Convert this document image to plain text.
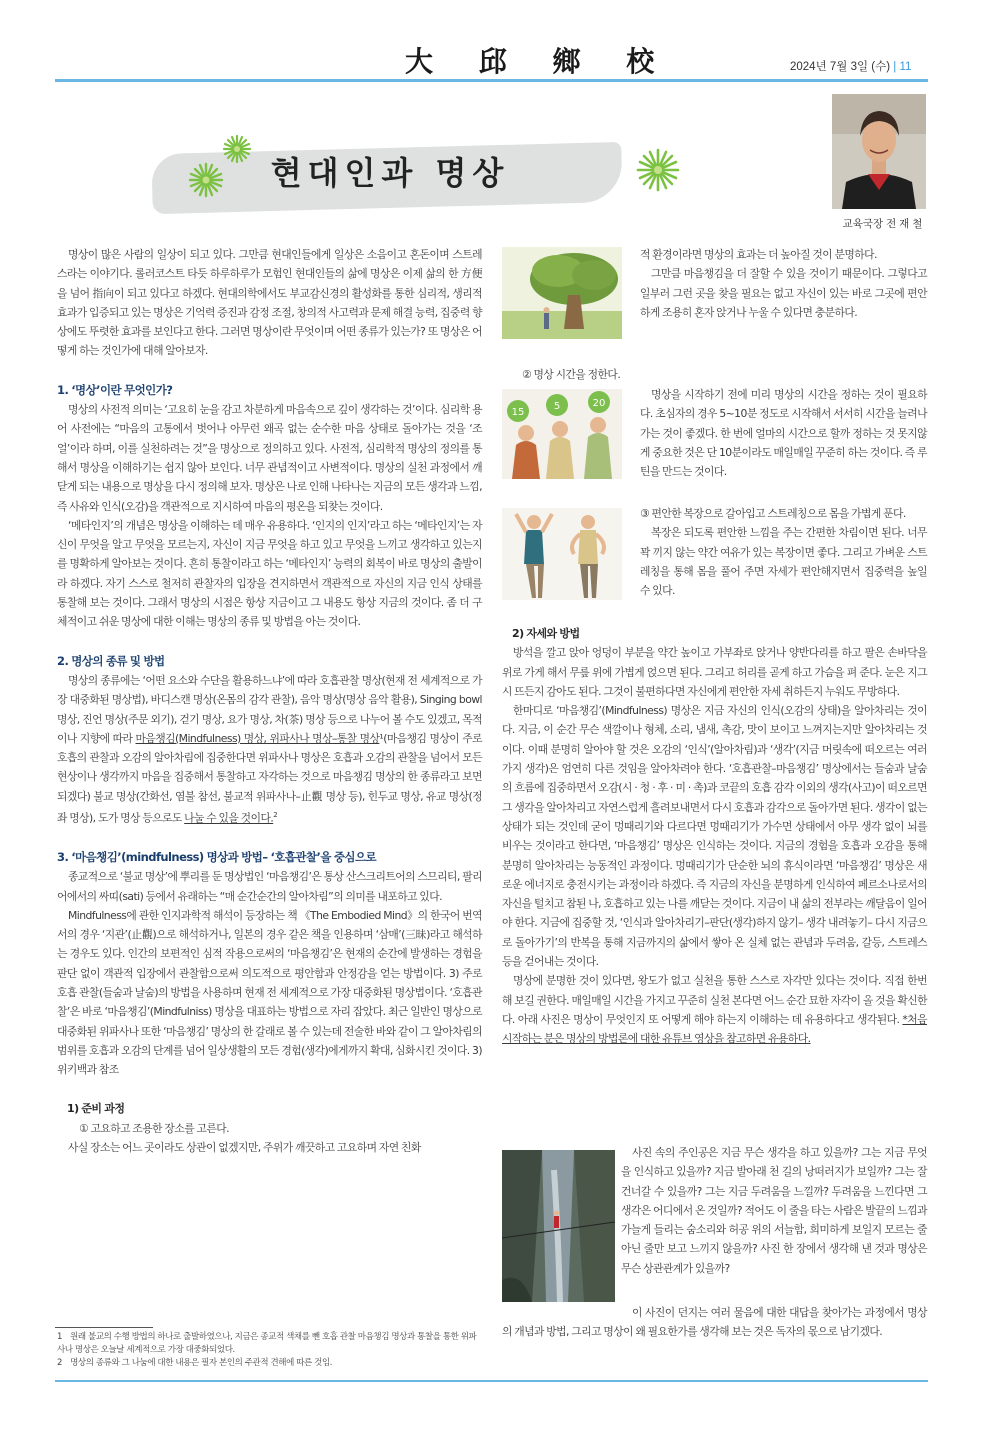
大 邱 鄉 校	2024년 7월 3일 (수) | 11
현대인과 명상
교육국장 전 재 철

명상이 많은 사람의 일상이 되고 있다. 그만큼 현대인들에게 일상은 소음이고 혼돈이며 스트레스라는 이야기다. 롤러코스트 타듯 하루하루가 모험인 현대인들의 삶에 명상은 이제 삶의 한 方便을 넘어 指向이 되고 있다고 하겠다. 현대의학에서도 부교감신경의 활성화를 통한 심리적, 생리적 효과가 입증되고 있는 명상은 기억력 증진과 감정 조절, 창의적 사고력과 문제 해결 능력, 집중력 향상에도 뚜렷한 효과를 보인다고 한다. 그러면 명상이란 무엇이며 어떤 종류가 있는가? 또 명상은 어떻게 하는 것인가에 대해 알아보자.

1. ‘명상’이란 무엇인가?

명상의 사전적 의미는 ‘고요히 눈을 감고 차분하게 마음속으로 깊이 생각하는 것’이다. 심리학 용어 사전에는 “마음의 고통에서 벗어나 아무런 왜곡 없는 순수한 마음 상태로 돌아가는 것을 ‘조얼’이라 하며, 이를 실천하려는 것”을 명상으로 정의하고 있다. 사전적, 심리학적 명상의 정의를 통해서 명상을 이해하기는 쉽지 않아 보인다. 너무 관념적이고 사변적이다. 명상의 실천 과정에서 깨닫게 되는 내용으로 명상을 다시 정의해 보자. 명상은 나로 인해 나타나는 지금의 모든 생각과 느낌, 즉 사유와 인식(오감)을 객관적으로 지시하여 마음의 평온을 되찾는 것이다.

‘메타인지’의 개념은 명상을 이해하는 데 매우 유용하다. ‘인지의 인지’라고 하는 ‘메타인지’는 자신이 무엇을 알고 무엇을 모르는지, 자신이 지금 무엇을 하고 있고 무엇을 느끼고 생각하고 있는지를 명확하게 알아보는 것이다. 흔히 통찰이라고 하는 ‘메타인지’ 능력의 회복이 바로 명상의 출발이라 하겠다. 자기 스스로 철저히 관찰자의 입장을 견지하면서 객관적으로 자신의 지금 인식 상태를 통찰해 보는 것이다. 그래서 명상의 시점은 항상 지금이고 그 내용도 항상 지금의 것이다. 좀 더 구체적이고 쉬운 명상에 대한 이해는 명상의 종류 및 방법을 아는 것이다.

2. 명상의 종류 및 방법

명상의 종류에는 ‘어떤 요소와 수단을 활용하느냐’에 따라 호흡관찰 명상(현재 전 세계적으로 가장 대중화된 명상법), 바디스캔 명상(온몸의 감각 관찰), 음악 명상(명상 음악 활용), Singing bowl 명상, 진언 명상(주문 외기), 걷기 명상, 요가 명상, 차(茶) 명상 등으로 나누어 볼 수도 있겠고, 목적이나 지향에 따라 마음챙김(Mindfulness) 명상, 위파사나 명상–통찰 명상¹(마음챙김 명상이 주로 호흡의 관찰과 오감의 알아차림에 집중한다면 위파사나 명상은 호흡과 오감의 관찰을 넘어서 모든 현상이나 생각까지 마음을 집중해서 통찰하고 자각하는 것으로 마음챙김 명상의 한 종류라고 보면 되겠다) 불교 명상(간화선, 염불 참선, 불교적 위파사나–止觀 명상 등), 힌두교 명상, 유교 명상(정좌 명상), 도가 명상 등으로도 나눌 수 있을 것이다.$^2$

3. ‘마음챙김’(mindfulness) 명상과 방법– ‘호흡관찰’을 중심으로

종교적으로 ‘불교 명상’에 뿌리를 둔 명상법인 ‘마음챙김’은 통상 산스크리트어의 스므리티, 팔리어에서의 싸띠(sati) 등에서 유래하는 “매 순간순간의 알아차림”의 의미를 내포하고 있다.

Mindfulness에 관한 인지과학적 해석이 등장하는 책 《The Embodied Mind》의 한국어 번역서의 경우 ‘지관’(止觀)으로 해석하거나, 일본의 경우 같은 책을 인용하며 ‘삼매’(三昧)라고 해석하는 경우도 있다. 인간의 보편적인 심적 작용으로써의 ‘마음챙김’은 현재의 순간에 발생하는 경험을 판단 없이 객관적 입장에서 관찰함으로써 의도적으로 평안함과 안정감을 얻는 방법이다. 3) 주로 호흡 관찰(들숨과 날숨)의 방법을 사용하며 현재 전 세계적으로 가장 대중화된 명상법이다. ‘호흡관찰’은 바로 ‘마음챙김’(Mindfulniss) 명상을 대표하는 방법으로 자리 잡았다. 최근 일반인 명상으로 대중화된 위파사나 또한 ‘마음챙김’ 명상의 한 갈래로 볼 수 있는데 전술한 바와 같이 그 알아차림의 범위를 호흡과 오감의 단계를 넘어 일상생활의 모든 경험(생각)에게까지 확대, 심화시킨 것이다. 3) 위키백과 참조

1) 준비 과정

① 고요하고 조용한 장소를 고른다.

사실 장소는 어느 곳이라도 상관이 없겠지만, 주위가 깨끗하고 고요하며 자연 친화

1　원래 불교의 수행 방법의 하나로 출발하였으나, 지금은 종교적 색채를 뺀 호흡 관찰 마음챙김 명상과 통찰을 통한 위파사나 명상은 오늘날 세계적으로 가장 대중화되었다.
2　명상의 종류와 그 나눔에 대한 내용은 필자 본인의 주관적 견해에 따른 것임.

적 환경이라면 명상의 효과는 더 높아질 것이 분명하다.

그만큼 마음챙김을 더 잘할 수 있을 것이기 때문이다. 그렇다고 일부러 그런 곳을 찾을 필요는 없고 자신이 있는 바로 그곳에 편안하게 조용히 혼자 앉거나 누울 수 있다면 충분하다.

② 명상 시간을 정한다.
15
5	20

명상을 시작하기 전에 미리 명상의 시간을 정하는 것이 필요하다. 초심자의 경우 5~10분 정도로 시작해서 서서히 시간을 늘려나가는 것이 좋겠다. 한 번에 얼마의 시간으로 할까 정하는 것 못지않게 중요한 것은 단 10분이라도 매일매일 꾸준히 하는 것이다. 즉 루틴을 만드는 것이다.

③ 편안한 복장으로 갈아입고 스트레칭으로 몸을 가볍게 푼다.

복장은 되도록 편안한 느낌을 주는 간편한 차림이면 된다. 너무 꽉 끼지 않는 약간 여유가 있는 복장이면 좋다. 그리고 가벼운 스트레칭을 통해 몸을 풀어 주면 자세가 편안해지면서 집중력을 높일 수 있다.

2) 자세와 방법

방석을 깔고 앉아 엉덩이 부분을 약간 높이고 가부좌로 앉거나 양반다리를 하고 팔은 손바닥을 위로 가게 해서 무릎 위에 가볍게 얹으면 된다. 그리고 허리를 곧게 하고 가슴을 펴 준다. 눈은 지그시 뜨든지 감아도 된다. 그것이 불편하다면 자신에게 편안한 자세 취하든지 누워도 무방하다.

한마디로 ‘마음챙김’(Mindfulness) 명상은 지금 자신의 인식(오감의 상태)을 알아차리는 것이다. 지금, 이 순간 무슨 색깔이나 형체, 소리, 냄새, 촉감, 맛이 보이고 느껴지는지만 알아차리는 것이다. 이때 분명히 알아야 할 것은 오감의 ‘인식’(알아차림)과 ‘생각’(지금 머릿속에 떠오르는 여러 가지 생각)은 엄연히 다른 것임을 알아차려야 한다. ‘호흡관찰–마음챙김’ 명상에서는 들숨과 날숨의 흐름에 집중하면서 오감(시 · 청 · 후 · 미 · 촉)과 코끝의 호흡 감각 이외의 생각(사고)이 떠오르면 그 생각을 알아차리고 자연스럽게 흘려보내면서 다시 호흡과 감각으로 돌아가면 된다. 생각이 없는 상태가 되는 것인데 굳이 멍때리기와 다르다면 멍때리기가 가수면 상태에서 아무 생각 없이 뇌를 비우는 것이라고 한다면, ‘마음챙김’ 명상은 인식하는 것이다. 지금의 경험을 호흡과 오감을 통해 분명히 알아차리는 능동적인 과정이다. 멍때리기가 단순한 뇌의 휴식이라면 ‘마음챙김’ 명상은 새로운 에너지로 충전시키는 과정이라 하겠다. 즉 지금의 자신을 분명하게 인식하여 페르소나로서의 자신을 털치고 참된 나, 호흡하고 있는 나를 깨닫는 것이다. 지금이 내 삶의 전부라는 깨달음이 일어야 한다. 지금에 집중할 것, ‘인식과 알아차리기–판단(생각)하지 않기– 생각 내려놓기– 다시 지금으로 돌아가기’의 반복을 통해 지금까지의 삶에서 쌓아 온 실체 없는 관념과 두려움, 갈등, 스트레스 등을 걷어내는 것이다.

명상에 분명한 것이 있다면, 왕도가 없고 실천을 통한 스스로 자각만 있다는 것이다. 직접 한번 해 보길 권한다. 매일매일 시간을 가지고 꾸준히 실천 본다면 어느 순간 묘한 자각이 올 것을 확신한다. 아래 사진은 명상이 무엇인지 또 어떻게 해야 하는지 이해하는 데 유용하다고 생각된다. *처음 시작하는 분은 명상의 방법론에 대한 유튜브 영상을 참고하면 유용하다.

사진 속의 주인공은 지금 무슨 생각을 하고 있을까? 그는 지금 무엇을 인식하고 있을까? 지금 발아래 천 길의 낭떠러지가 보일까? 그는 잘 건너갈 수 있을까? 그는 지금 두려움을 느낄까? 두려움을 느낀다면 그 생각은 어디에서 온 것일까? 적어도 이 줄을 타는 사람은 발끝의 느낌과 가늘게 들리는 숨소리와 허공 위의 서늘함, 희미하게 보일지 모르는 줄 아닌 줄만 보고 느끼지 않을까? 사진 한 장에서 생각해 낸 것과 명상은 무슨 상관관계가 있을까?

이 사진이 던지는 여러 물음에 대한 대답을 찾아가는 과정에서 명상의 개념과 방법, 그리고 명상이 왜 필요한가를 생각해 보는 것은 독자의 몫으로 남기겠다.
